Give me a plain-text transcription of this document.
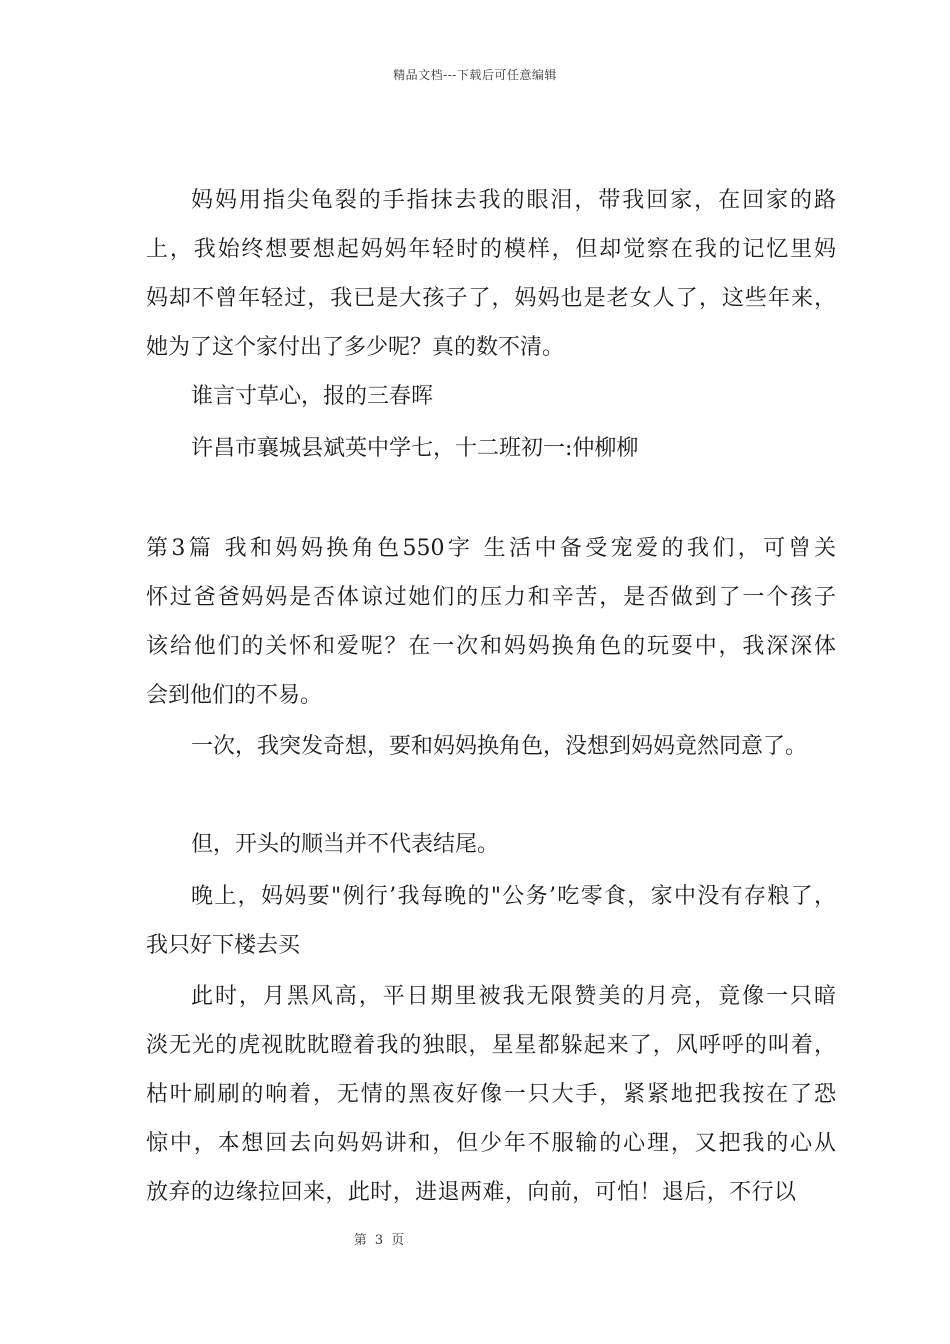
精品文档---下载后可任意编辑
妈妈用指尖龟裂的手指抹去我的眼泪，带我回家，在回家的路
上，我始终想要想起妈妈年轻时的模样，但却觉察在我的记忆里妈
妈却不曾年轻过，我已是大孩子了，妈妈也是老女人了，这些年来，
她为了这个家付出了多少呢？真的数不清。
谁言寸草心，报的三春晖
许昌市襄城县斌英中学七，十二班初一:仲柳柳
第3篇 我和妈妈换角色550字 生活中备受宠爱的我们，可曾关
怀过爸爸妈妈是否体谅过她们的压力和辛苦，是否做到了一个孩子
该给他们的关怀和爱呢？在一次和妈妈换角色的玩耍中，我深深体
会到他们的不易。
一次，我突发奇想，要和妈妈换角色，没想到妈妈竟然同意了。
但，开头的顺当并不代表结尾。
晚上，妈妈要"例行’我每晚的"公务’吃零食，家中没有存粮了，
我只好下楼去买
此时，月黑风高，平日期里被我无限赞美的月亮，竟像一只暗
淡无光的虎视眈眈瞪着我的独眼，星星都躲起来了，风呼呼的叫着，
枯叶刷刷的响着，无情的黑夜好像一只大手，紧紧地把我按在了恐
惊中，本想回去向妈妈讲和，但少年不服输的心理，又把我的心从
放弃的边缘拉回来，此时，进退两难，向前，可怕！退后，不行以
第 3 页
